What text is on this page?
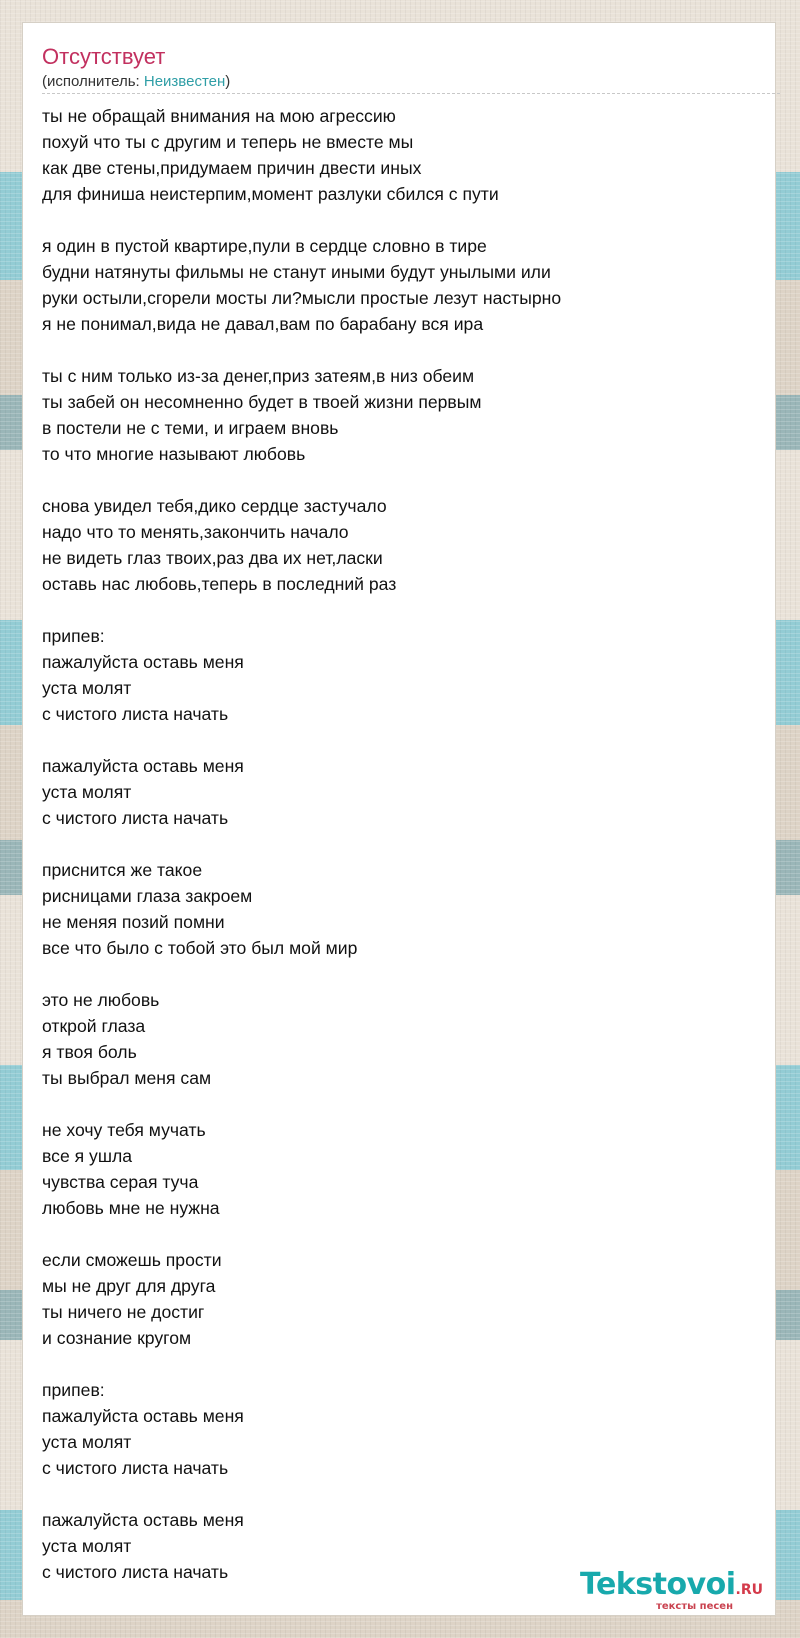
Отсутствует
(исполнитель: Неизвестен)
ты не обращай внимания на мою агрессию
похуй что ты с другим и теперь не вместе мы
как две стены,придумаем причин двести иных
для финиша неистерпим,момент разлуки сбился с пути
я один в пустой квартире,пули в сердце словно в тире
будни натянуты фильмы не станут иными будут унылыми или
руки остыли,сгорели мосты ли?мысли простые лезут настырно
я не понимал,вида не давал,вам по барабану вся ира
ты с ним только из-за денег,приз затеям,в низ обеим
ты забей он несомненно будет в твоей жизни первым
в постели не с теми, и играем вновь
то что многие называют любовь
снова увидел тебя,дико сердце застучало
надо что то менять,закончить начало
не видеть глаз твоих,раз два их нет,ласки
оставь нас любовь,теперь в последний раз
припев:
пажалуйста оставь меня
уста молят
с чистого листа начать
пажалуйста оставь меня
уста молят
с чистого листа начать
приснится же такое
рисницами глаза закроем
не меняя позий помни
все что было с тобой это был мой мир
это не любовь
открой глаза
я твоя боль
ты выбрал меня сам
не хочу тебя мучать
все я ушла
чувства серая туча
любовь мне не нужна
если сможешь прости
мы не друг для друга
ты ничего не достиг
и сознание кругом
припев:
пажалуйста оставь меня
уста молят
с чистого листа начать
пажалуйста оставь меня
уста молят
с чистого листа начать	Tekstovoi.RU
тексты песен
